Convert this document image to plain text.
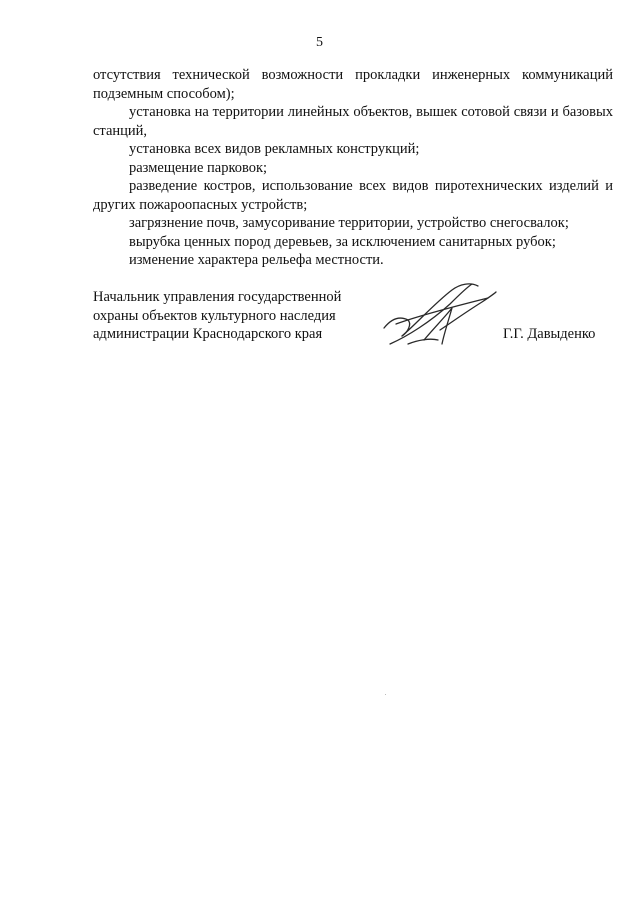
5

отсутствия технической возможности прокладки инженерных коммуникаций подземным способом);

установка на территории линейных объектов, вышек сотовой связи и базовых станций,

установка всех видов рекламных конструкций;

размещение парковок;

разведение костров, использование всех видов пиротехнических изделий и других пожароопасных устройств;

загрязнение почв, замусоривание территории, устройство снегосвалок;

вырубка ценных пород деревьев, за исключением санитарных рубок;

изменение характера рельефа местности.

Начальник управления государственной
охраны объектов культурного наследия
администрации Краснодарского края	Г.Г. Давыденко
